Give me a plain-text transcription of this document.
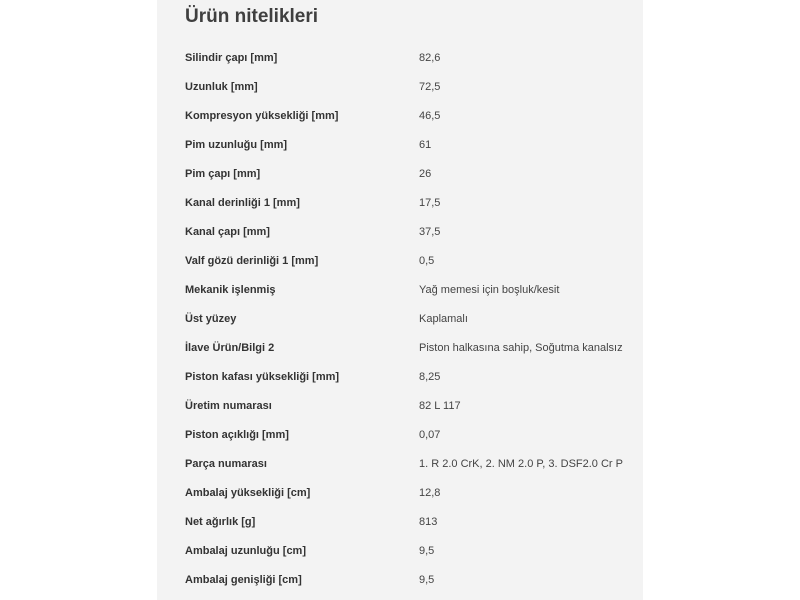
Ürün nitelikleri
Silindir çapı [mm]	82,6
Uzunluk [mm]	72,5
Kompresyon yüksekliği [mm]	46,5
Pim uzunluğu [mm]	61
Pim çapı [mm]	26
Kanal derinliği 1 [mm]	17,5
Kanal çapı [mm]	37,5
Valf gözü derinliği 1 [mm]	0,5
Mekanik işlenmiş	Yağ memesi için boşluk/kesit
Üst yüzey	Kaplamalı
İlave Ürün/Bilgi 2	Piston halkasına sahip, Soğutma kanalsız
Piston kafası yüksekliği [mm]	8,25
Üretim numarası	82 L 117
Piston açıklığı [mm]	0,07
Parça numarası	1. R 2.0 CrK, 2. NM 2.0 P, 3. DSF2.0 Cr P
Ambalaj yüksekliği [cm]	12,8
Net ağırlık [g]	813
Ambalaj uzunluğu [cm]	9,5
Ambalaj genişliği [cm]	9,5
